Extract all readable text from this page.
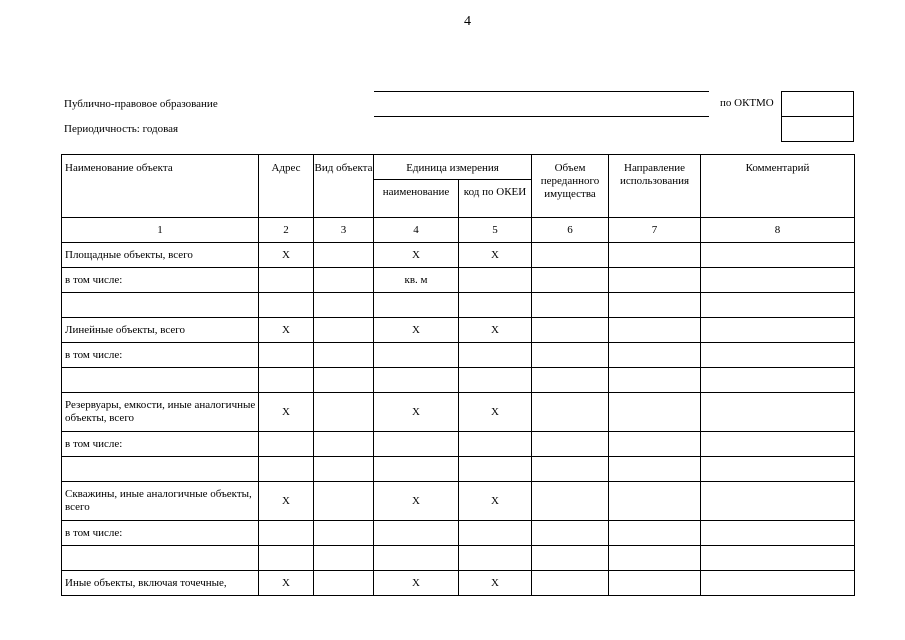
4
Публично-правовое образование
Периодичность: годовая
по ОКТМО
Наименование объекта	Адрес	Вид объекта	Единица измерения		Объем переданного имущества	Направление использования	Комментарий
			наименование	код по ОКЕИ			
1	2	3	4	5	6	7	8
Площадные объекты, всего	X		X	X			
в том числе:			кв. м				

Линейные объекты, всего	X		X	X			
в том числе:							

Резервуары, емкости, иные аналогичные объекты, всего	X		X	X			
в том числе:							

Скважины, иные аналогичные объекты, всего	X		X	X			
в том числе:							

Иные объекты, включая точечные,	X		X	X			
